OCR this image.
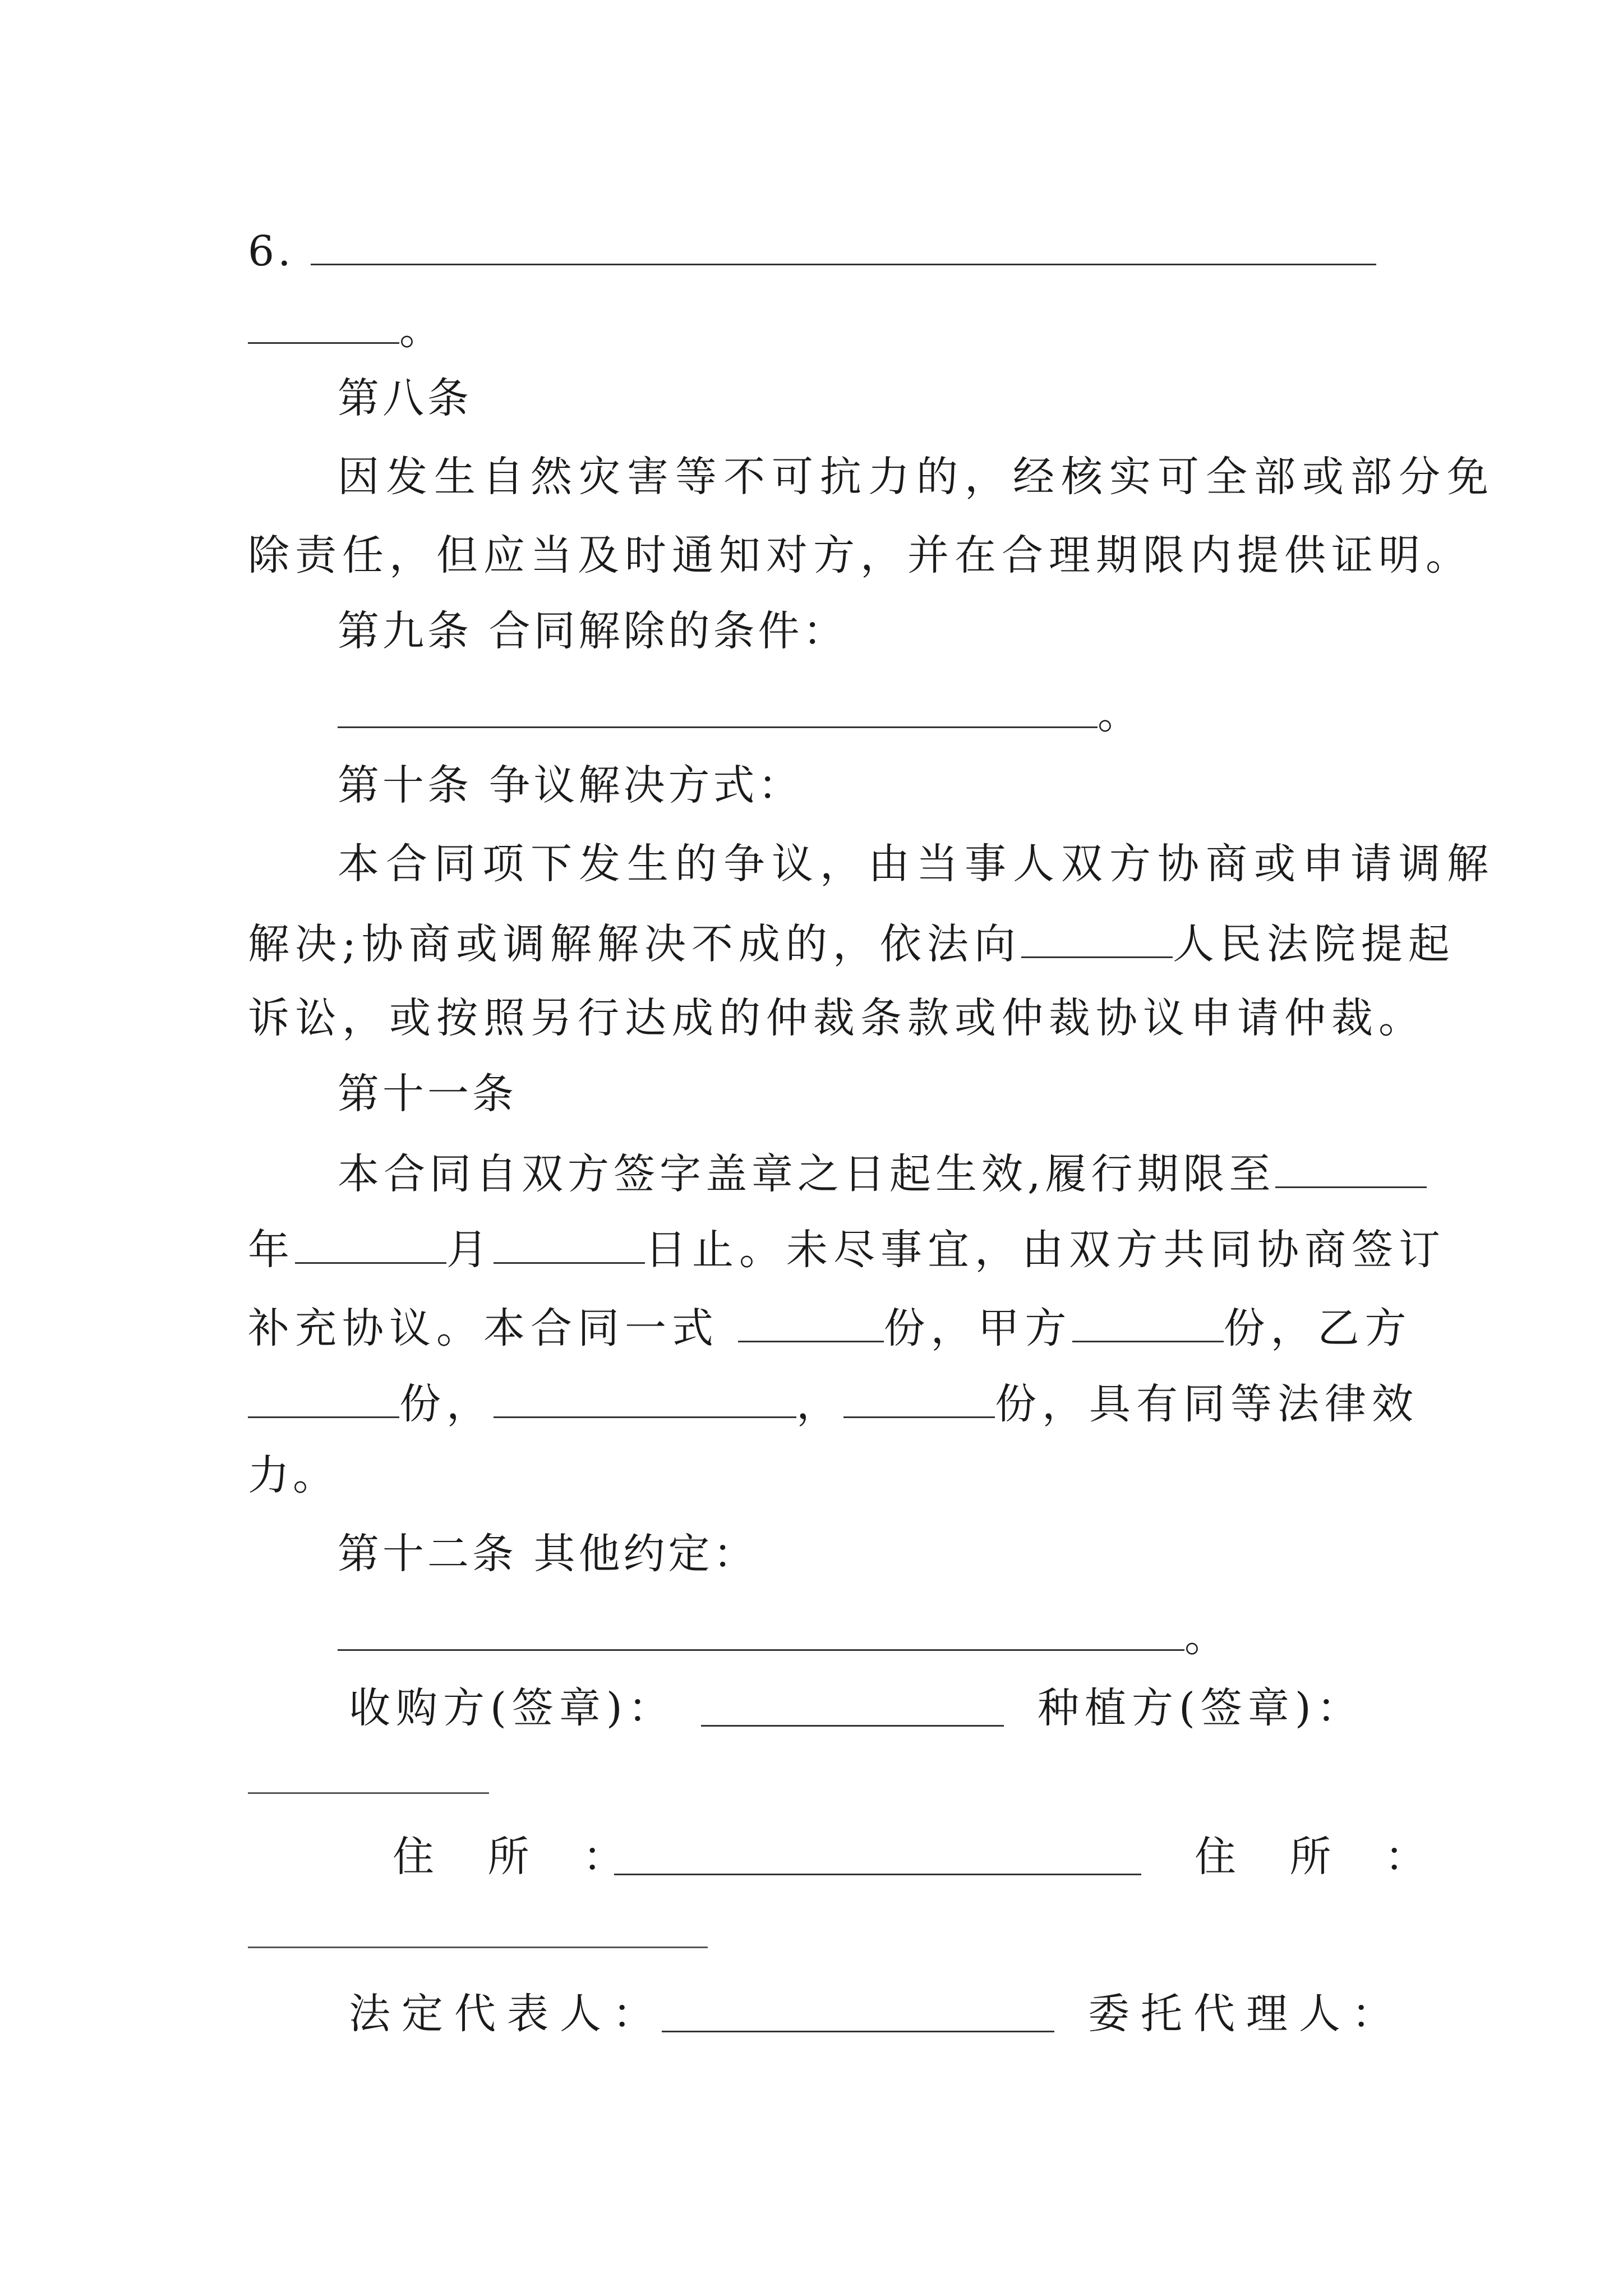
6.
。
第八条
因发生自然灾害等不可抗力的，经核实可全部或部分免
除责任，但应当及时通知对方，并在合理期限内提供证明。
第九条 合同解除的条件：
。
第十条 争议解决方式：
本合同项下发生的争议，由当事人双方协商或申请调解
解决;协商或调解解决不成的，依法向	人民法院提起
诉讼，或按照另行达成的仲裁条款或仲裁协议申请仲裁。
第十一条
本合同自双方签字盖章之日起生效,履行期限至
年	月	日止。未尽事宜，由双方共同协商签订
补充协议。本合同一式	份，甲方	份，乙方
份，	，	份，具有同等法律效
力。
第十二条 其他约定：
。
收购方(签章)：	种植方(签章)：
住 所 ：	住 所 ：
法定代表人：	委托代理人：
